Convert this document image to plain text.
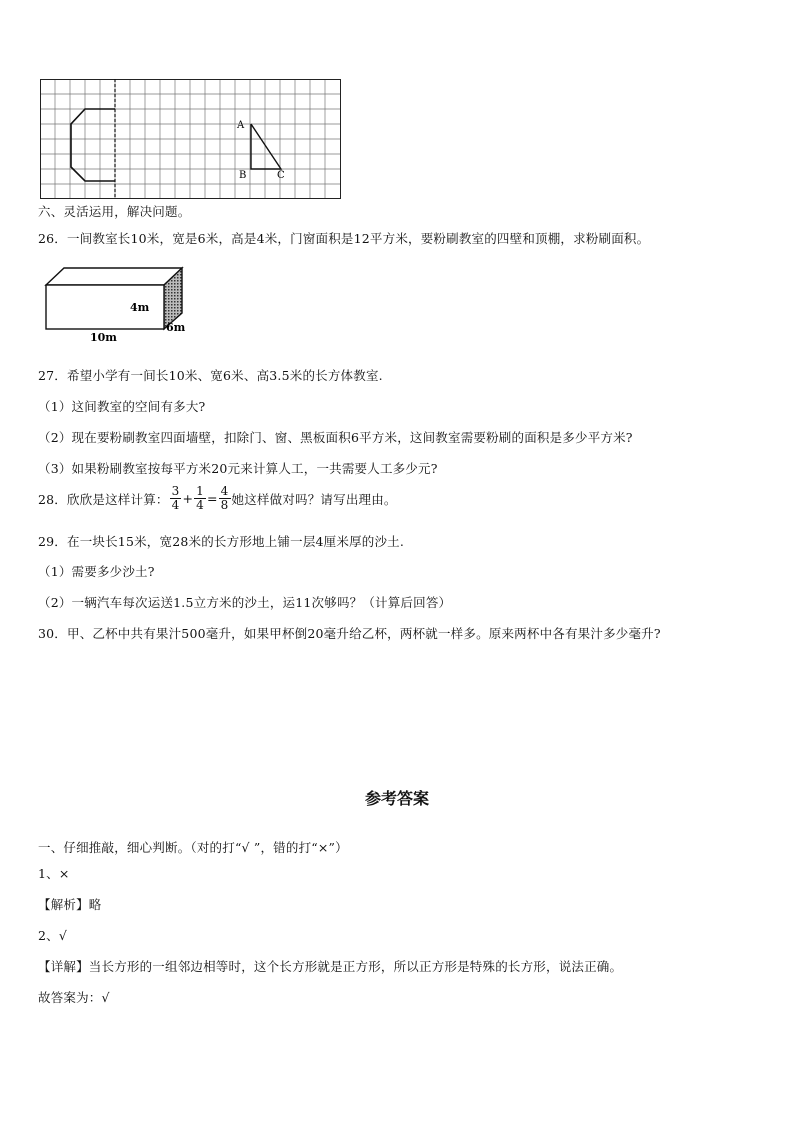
A
B	C
六、灵活运用，解决问题。
26．一间教室长10米，宽是6米，高是4米，门窗面积是12平方米，要粉刷教室的四壁和顶棚，求粉刷面积。
4m
10m
6m
27．希望小学有一间长10米、宽6米、高3.5米的长方体教室.
（1）这间教室的空间有多大?
（2）现在要粉刷教室四面墙壁，扣除门、窗、黑板面积6平方米，这间教室需要粉刷的面积是多少平方米?
（3）如果粉刷教室按每平方米20元来计算人工，一共需要人工多少元?
28．欣欣是这样计算： $\frac{3}{4} + \frac{1}{4} = \frac{4}{8}$ 她这样做对吗？请写出理由。
29．在一块长15米，宽28米的长方形地上铺一层4厘米厚的沙土.
（1）需要多少沙土?
（2）一辆汽车每次运送1.5立方米的沙土，运11次够吗？（计算后回答）
30．甲、乙杯中共有果汁500毫升，如果甲杯倒20毫升给乙杯，两杯就一样多。原来两杯中各有果汁多少毫升?
参考答案
一、仔细推敲，细心判断。（对的打“√ ”，错的打“×”）
1、×
【解析】略
2、√
【详解】当长方形的一组邻边相等时，这个长方形就是正方形，所以正方形是特殊的长方形，说法正确。
故答案为：√
